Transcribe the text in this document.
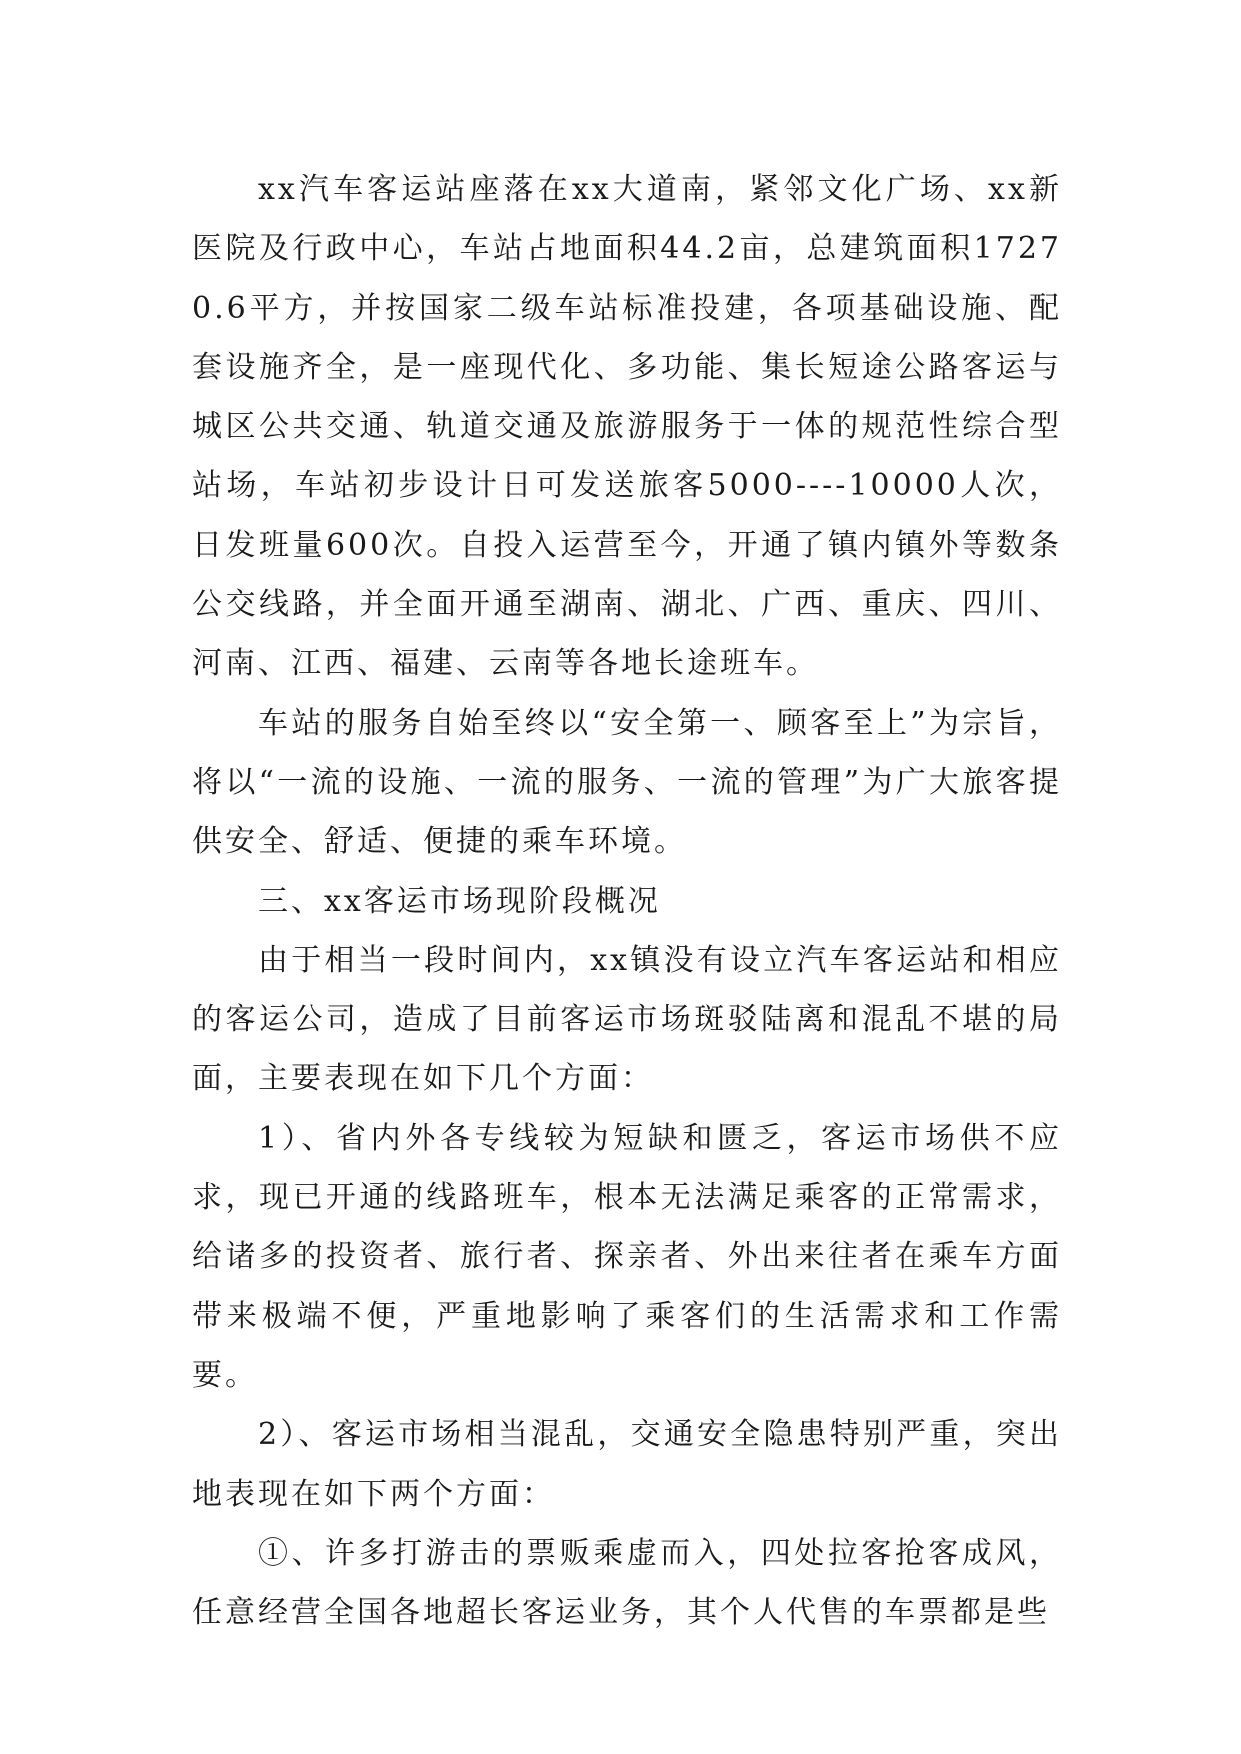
xx汽车客运站座落在xx大道南，紧邻文化广场、xx新医院及行政中心，车站占地面积44.2亩，总建筑面积17270.6平方，并按国家二级车站标准投建，各项基础设施、配套设施齐全，是一座现代化、多功能、集长短途公路客运与城区公共交通、轨道交通及旅游服务于一体的规范性综合型站场，车站初步设计日可发送旅客5000----10000人次，日发班量600次。自投入运营至今，开通了镇内镇外等数条公交线路，并全面开通至湖南、湖北、广西、重庆、四川、河南、江西、福建、云南等各地长途班车。

车站的服务自始至终以“安全第一、顾客至上”为宗旨，将以“一流的设施、一流的服务、一流的管理”为广大旅客提供安全、舒适、便捷的乘车环境。

三、xx客运市场现阶段概况

由于相当一段时间内，xx镇没有设立汽车客运站和相应的客运公司，造成了目前客运市场斑驳陆离和混乱不堪的局面，主要表现在如下几个方面：

1）、省内外各专线较为短缺和匮乏，客运市场供不应求，现已开通的线路班车，根本无法满足乘客的正常需求，给诸多的投资者、旅行者、探亲者、外出来往者在乘车方面带来极端不便，严重地影响了乘客们的生活需求和工作需要。

2）、客运市场相当混乱，交通安全隐患特别严重，突出地表现在如下两个方面：

①、许多打游击的票贩乘虚而入，四处拉客抢客成风，任意经营全国各地超长客运业务，其个人代售的车票都是些
